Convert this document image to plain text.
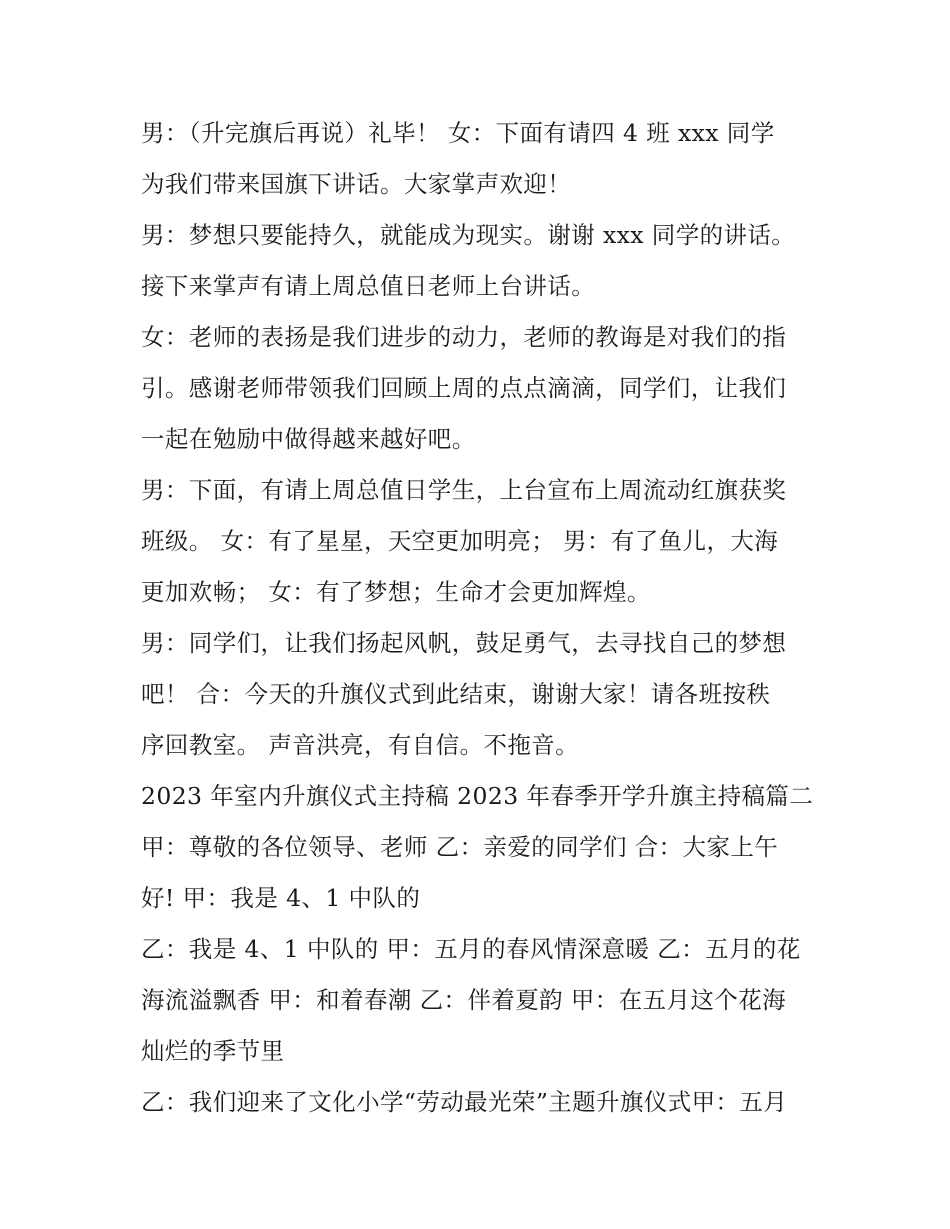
男：（升完旗后再说）礼毕！ 女：下面有请四 4 班 xxx 同学
为我们带来国旗下讲话。大家掌声欢迎！
男：梦想只要能持久，就能成为现实。谢谢 xxx 同学的讲话。
接下来掌声有请上周总值日老师上台讲话。
女：老师的表扬是我们进步的动力，老师的教诲是对我们的指
引。感谢老师带领我们回顾上周的点点滴滴，同学们，让我们
一起在勉励中做得越来越好吧。
男：下面，有请上周总值日学生，上台宣布上周流动红旗获奖
班级。 女：有了星星，天空更加明亮； 男：有了鱼儿，大海
更加欢畅； 女：有了梦想；生命才会更加辉煌。
男：同学们，让我们扬起风帆，鼓足勇气，去寻找自己的梦想
吧！ 合：今天的升旗仪式到此结束，谢谢大家！请各班按秩
序回教室。 声音洪亮，有自信。不拖音。
2023 年室内升旗仪式主持稿 2023 年春季开学升旗主持稿篇二
甲：尊敬的各位领导、老师 乙：亲爱的同学们 合：大家上午
好! 甲：我是 4、1 中队的
乙：我是 4、1 中队的 甲：五月的春风情深意暖 乙：五月的花
海流溢飘香 甲：和着春潮 乙：伴着夏韵 甲：在五月这个花海
灿烂的季节里
乙：我们迎来了文化小学“劳动最光荣”主题升旗仪式甲：五月
